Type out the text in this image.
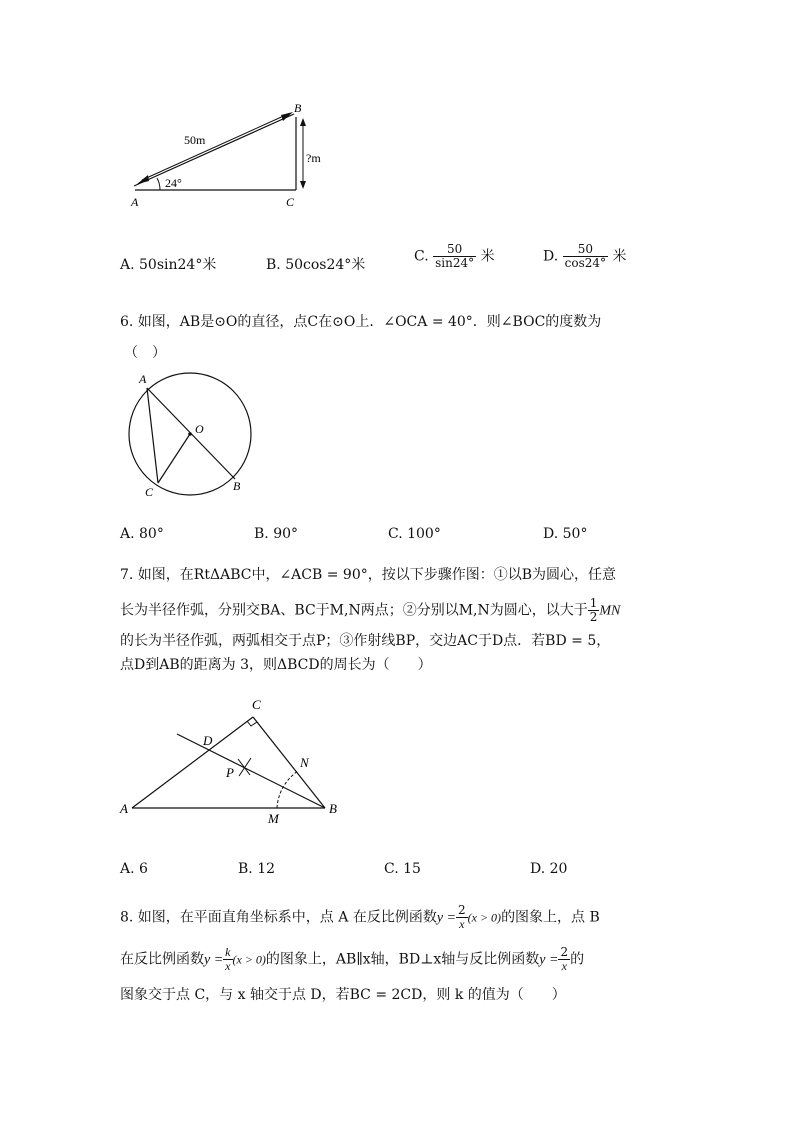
A
B
C
50m
24°
?m
A. 50sin24°米	B. 50cos24°米
C. $\frac{50}{\sin 24^\circ}$ 米	D. $\frac{50}{\cos 24^\circ}$ 米
6. 如图，AB是⊙O的直径，点C在⊙O上．∠OCA = 40°．则∠BOC的度数为
（　）
A
O
B
C
A. 80°	B. 90°	C. 100°	D. 50°
7. 如图，在RtΔABC中，∠ACB = 90°，按以下步骤作图：①以B为圆心，任意
长为半径作弧，分别交BA、BC于M,N两点；②分别以M,N为圆心，以大于 $\frac{1}{2}$ MN
的长为半径作弧，两弧相交于点P；③作射线BP，交边AC于D点．若BD = 5，
点D到AB的距离为 3，则ΔBCD的周长为（　　）
A	B
C
D
P
N
M
A. 6	B. 12	C. 15	D. 20
8. 如图，在平面直角坐标系中，点 A 在反比例函数$y = \frac{2}{x} (x > 0)$的图象上，点 B
在反比例函数$y = \frac{k}{x} (x > 0)$的图象上，AB∥x轴，BD⊥x轴与反比例函数$y = \frac{2}{x}$ 的
图象交于点 C，与 x 轴交于点 D，若BC = 2CD，则 k 的值为（　　）
